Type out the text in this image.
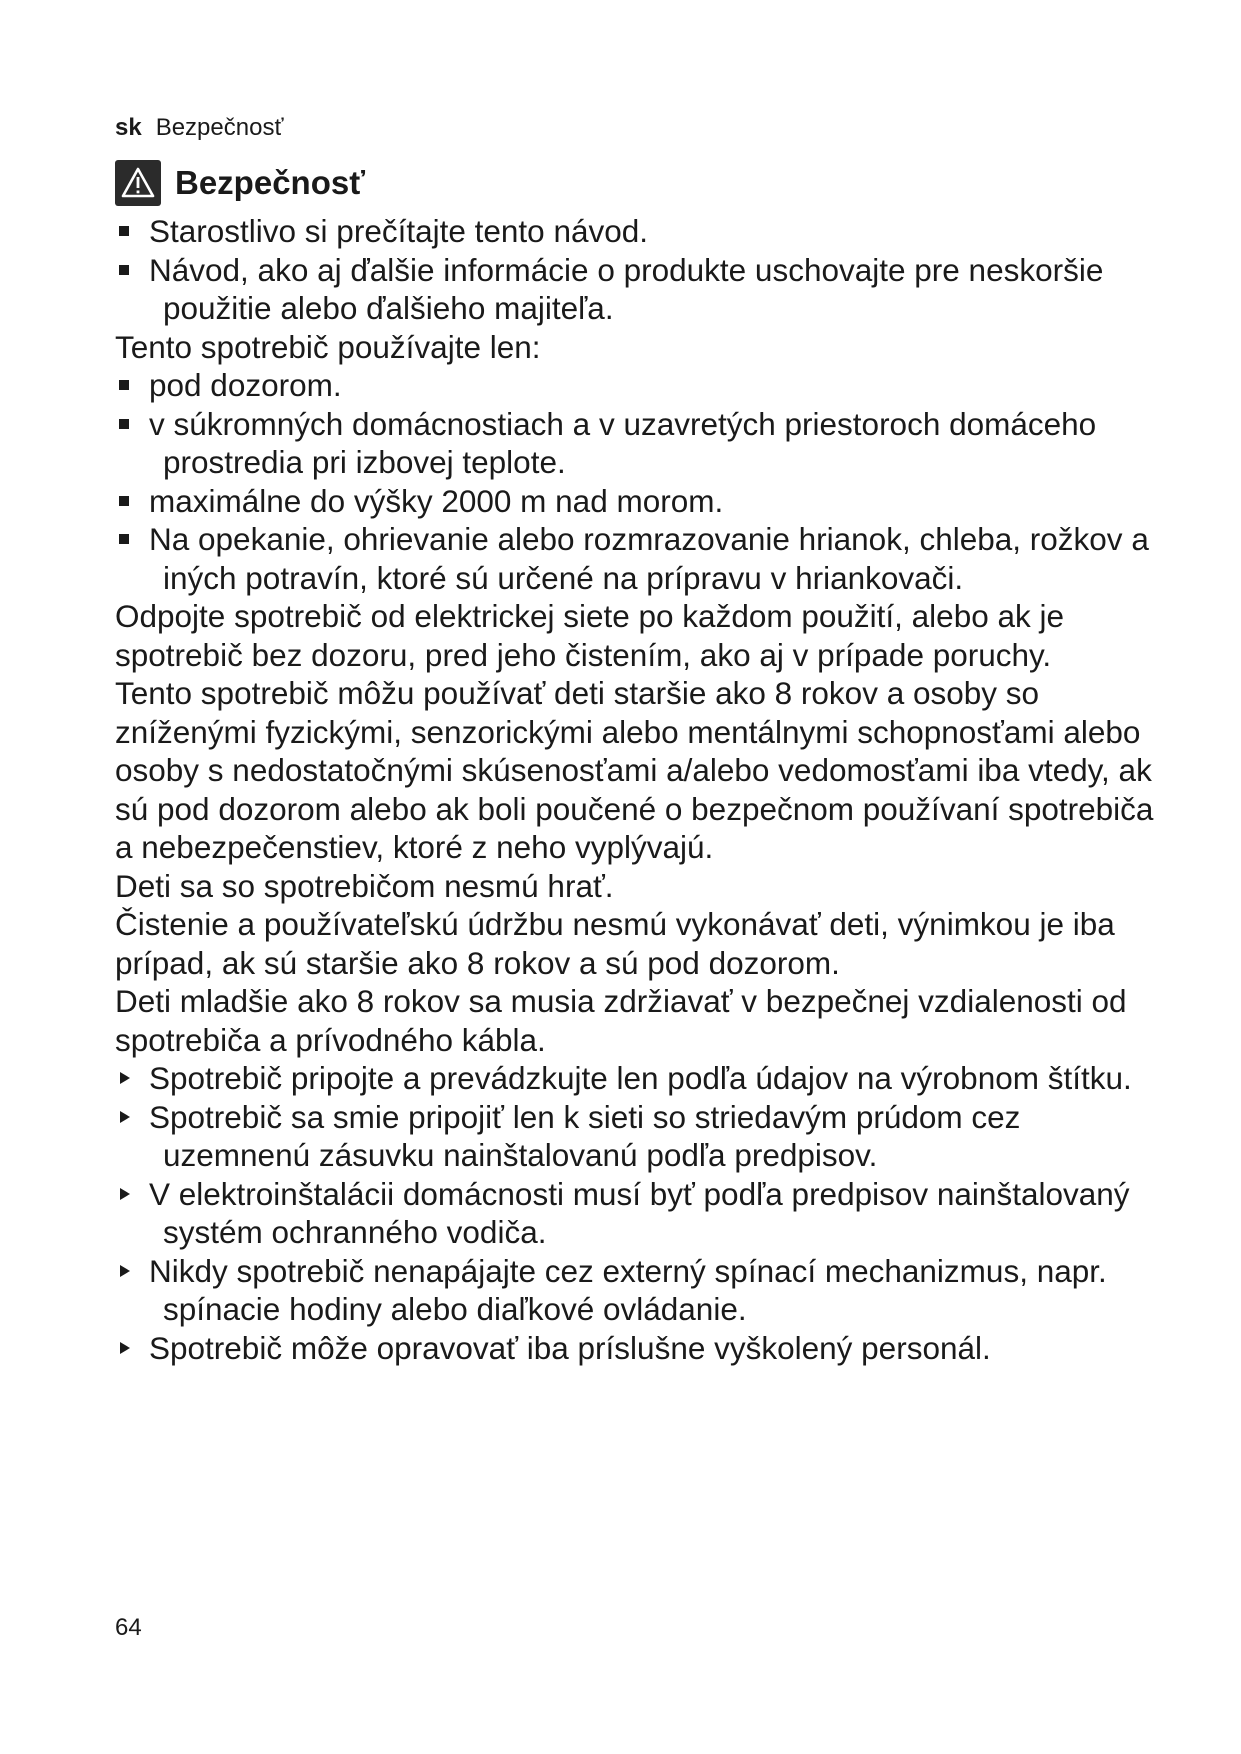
sk Bezpečnosť
Bezpečnosť
Starostlivo si prečítajte tento návod.
Návod, ako aj ďalšie informácie o produkte uschovajte pre neskoršie použitie alebo ďalšieho majiteľa.

Tento spotrebič používajte len:

pod dozorom.
v súkromných domácnostiach a v uzavretých priestoroch domáceho prostredia pri izbovej teplote.
maximálne do výšky 2000 m nad morom.
Na opekanie, ohrievanie alebo rozmrazovanie hrianok, chleba, rožkov a iných potravín, ktoré sú určené na prípravu v hriankovači.

Odpojte spotrebič od elektrickej siete po každom použití, alebo ak je spotrebič bez dozoru, pred jeho čistením, ako aj v prípade poruchy.

Tento spotrebič môžu používať deti staršie ako 8 rokov a osoby so zníženými fyzickými, senzorickými alebo mentálnymi schopnosťami alebo osoby s nedostatočnými skúsenosťami a/alebo vedomosťami iba vtedy, ak sú pod dozorom alebo ak boli poučené o bezpečnom používaní spotrebiča a nebezpečenstiev, ktoré z neho vyplývajú.

Deti sa so spotrebičom nesmú hrať.

Čistenie a používateľskú údržbu nesmú vykonávať deti, výnimkou je iba prípad, ak sú staršie ako 8 rokov a sú pod dozorom.

Deti mladšie ako 8 rokov sa musia zdržiavať v bezpečnej vzdialenosti od spotrebiča a prívodného kábla.

Spotrebič pripojte a prevádzkujte len podľa údajov na výrobnom štítku.
Spotrebič sa smie pripojiť len k sieti so striedavým prúdom cez uzemnenú zásuvku nainštalovanú podľa predpisov.
V elektroinštalácii domácnosti musí byť podľa predpisov nainštalovaný systém ochranného vodiča.
Nikdy spotrebič nenapájajte cez externý spínací mechanizmus, napr. spínacie hodiny alebo diaľkové ovládanie.
Spotrebič môže opravovať iba príslušne vyškolený personál.
64
